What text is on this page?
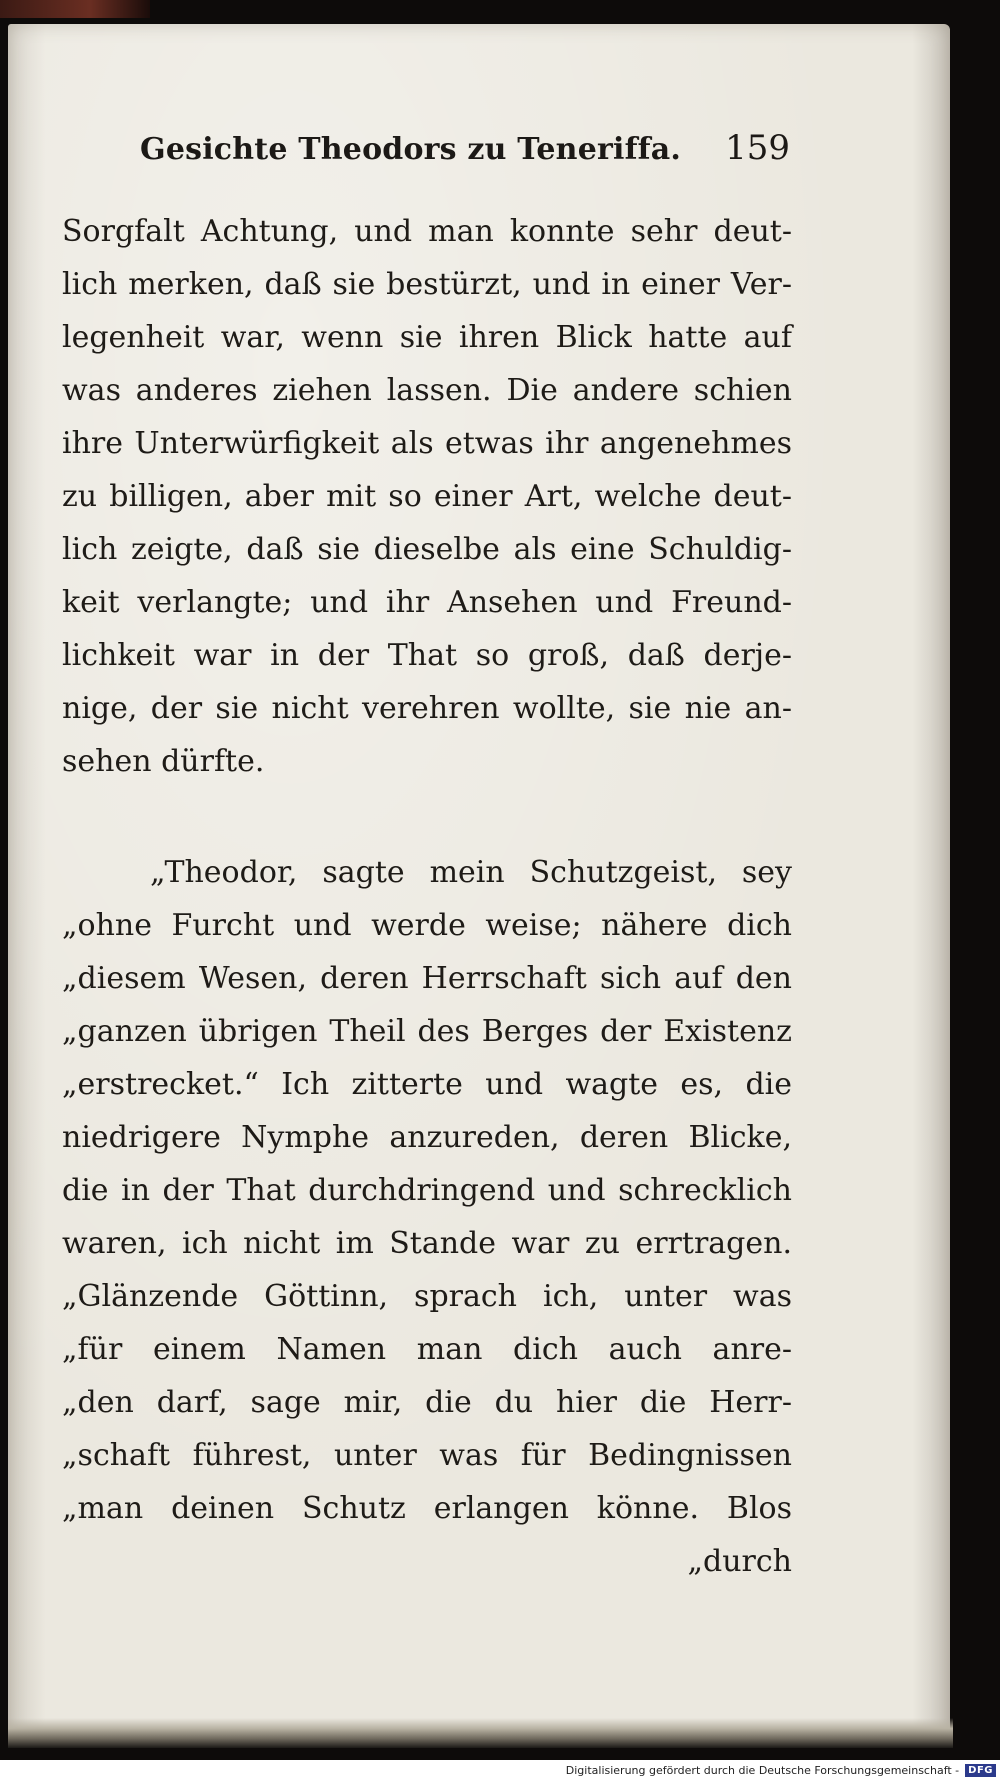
Gesichte Theodors zu Teneriffa. 159
Sorgfalt Achtung, und man konnte sehr deut-
lich merken, daß sie bestürzt, und in einer Ver-
legenheit war, wenn sie ihren Blick hatte auf
was anderes ziehen lassen. Die andere schien
ihre Unterwürfigkeit als etwas ihr angenehmes
zu billigen, aber mit so einer Art, welche deut-
lich zeigte, daß sie dieselbe als eine Schuldig-
keit verlangte; und ihr Ansehen und Freund-
lichkeit war in der That so groß, daß derje-
nige, der sie nicht verehren wollte, sie nie an-
sehen dürfte.
„Theodor, sagte mein Schutzgeist, sey
„ohne Furcht und werde weise; nähere dich
„diesem Wesen, deren Herrschaft sich auf den
„ganzen übrigen Theil des Berges der Existenz
„erstrecket.“ Ich zitterte und wagte es, die
niedrigere Nymphe anzureden, deren Blicke,
die in der That durchdringend und schrecklich
waren, ich nicht im Stande war zu errtragen.
„Glänzende Göttinn, sprach ich, unter was
„für einem Namen man dich auch anre-
„den darf, sage mir, die du hier die Herr-
„schaft führest, unter was für Bedingnissen
„man deinen Schutz erlangen könne. Blos
„durch
Digitalisierung gefördert durch die Deutsche Forschungsgemeinschaft - DFG
